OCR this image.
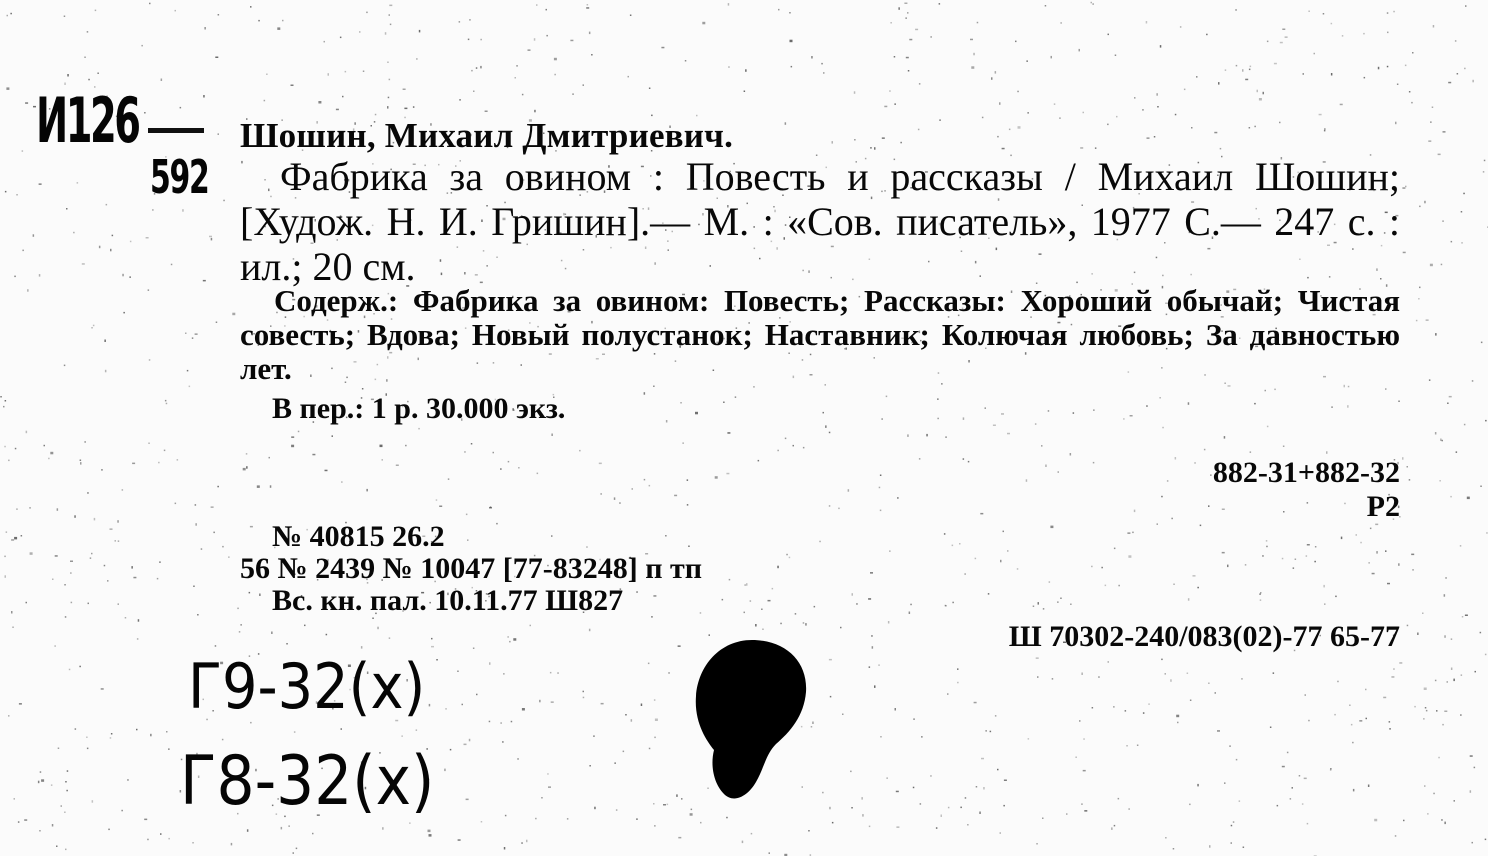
И126
592
Шошин, Михаил Дмитриевич.
Фабрика за овином : Повесть и рассказы / Михаил Шошин; [Худож. Н. И. Гришин].— М. : «Сов. писатель», 1977 С.— 247 с. : ил.; 20 см.
Содерж.: Фабрика за овином: Повесть; Рассказы: Хороший обычай; Чистая совесть; Вдова; Новый полустанок; Наставник; Колючая любовь; За давностью лет.
В пер.: 1 р. 30.000 экз.
882-31+882-32
Р2
№ 40815 26.2
56 № 2439 № 10047 [77-83248] п тп
Вс. кн. пал. 10.11.77 Ш827
Ш 70302-240/083(02)-77 65-77
Г9-32(х)
Г8-32(х)
